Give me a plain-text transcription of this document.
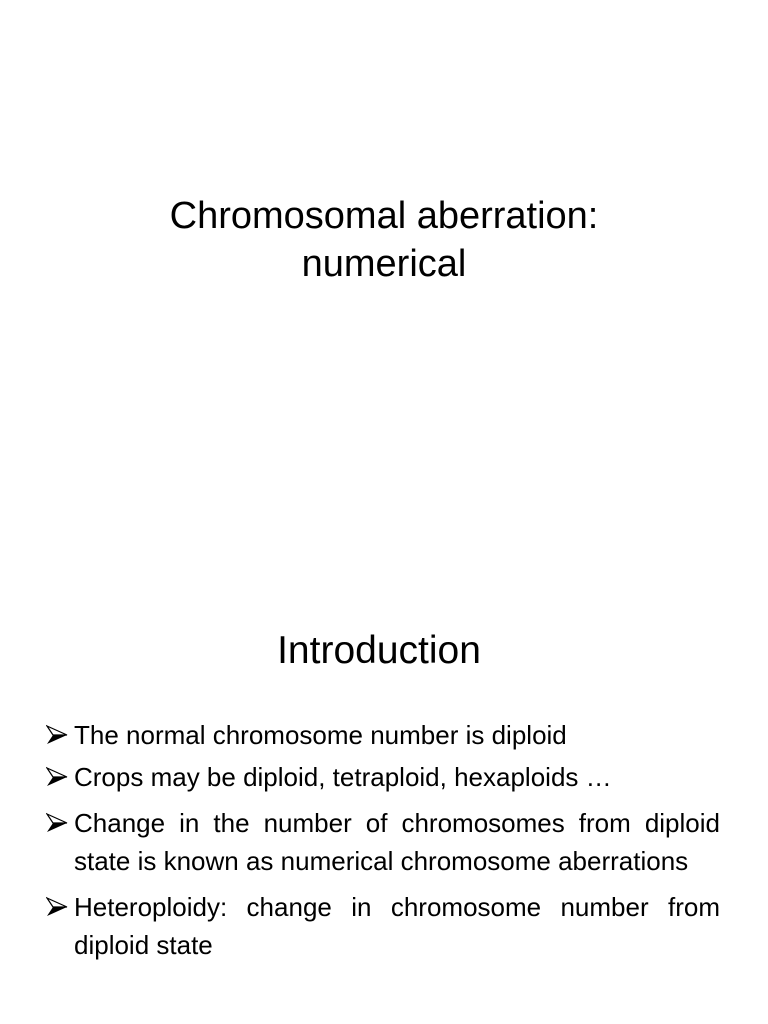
Chromosomal aberration:
numerical
Introduction
The normal chromosome number is diploid
Crops may be diploid, tetraploid, hexaploids …
Change in the number of chromosomes from diploid state is known as numerical chromosome aberrations
Heteroploidy: change in chromosome number from diploid state
